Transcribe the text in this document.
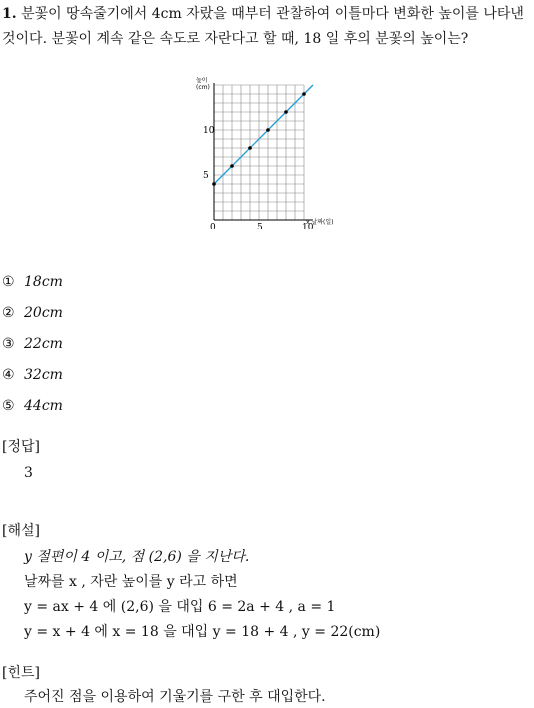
1. 분꽃이 땅속줄기에서 4cm 자랐을 때부터 관찰하여 이틀마다 변화한 높이를 나타낸 것이다. 분꽃이 계속 같은 속도로 자란다고 할 때, 18 일 후의 분꽃의 높이는?
높이 (cm)
x 날짜(일)
0	5	10
5
10
① 18cm
② 20cm
③ 22cm
④ 32cm
⑤ 44cm
[정답]
3
[해설]
y 절편이 4 이고, 점 (2,6) 을 지난다.
날짜를 x , 자란 높이를 y 라고 하면
y = ax + 4 에 (2,6) 을 대입 6 = 2a + 4 , a = 1
y = x + 4 에 x = 18 을 대입 y = 18 + 4 , y = 22(cm)
[힌트]
주어진 점을 이용하여 기울기를 구한 후 대입한다.
